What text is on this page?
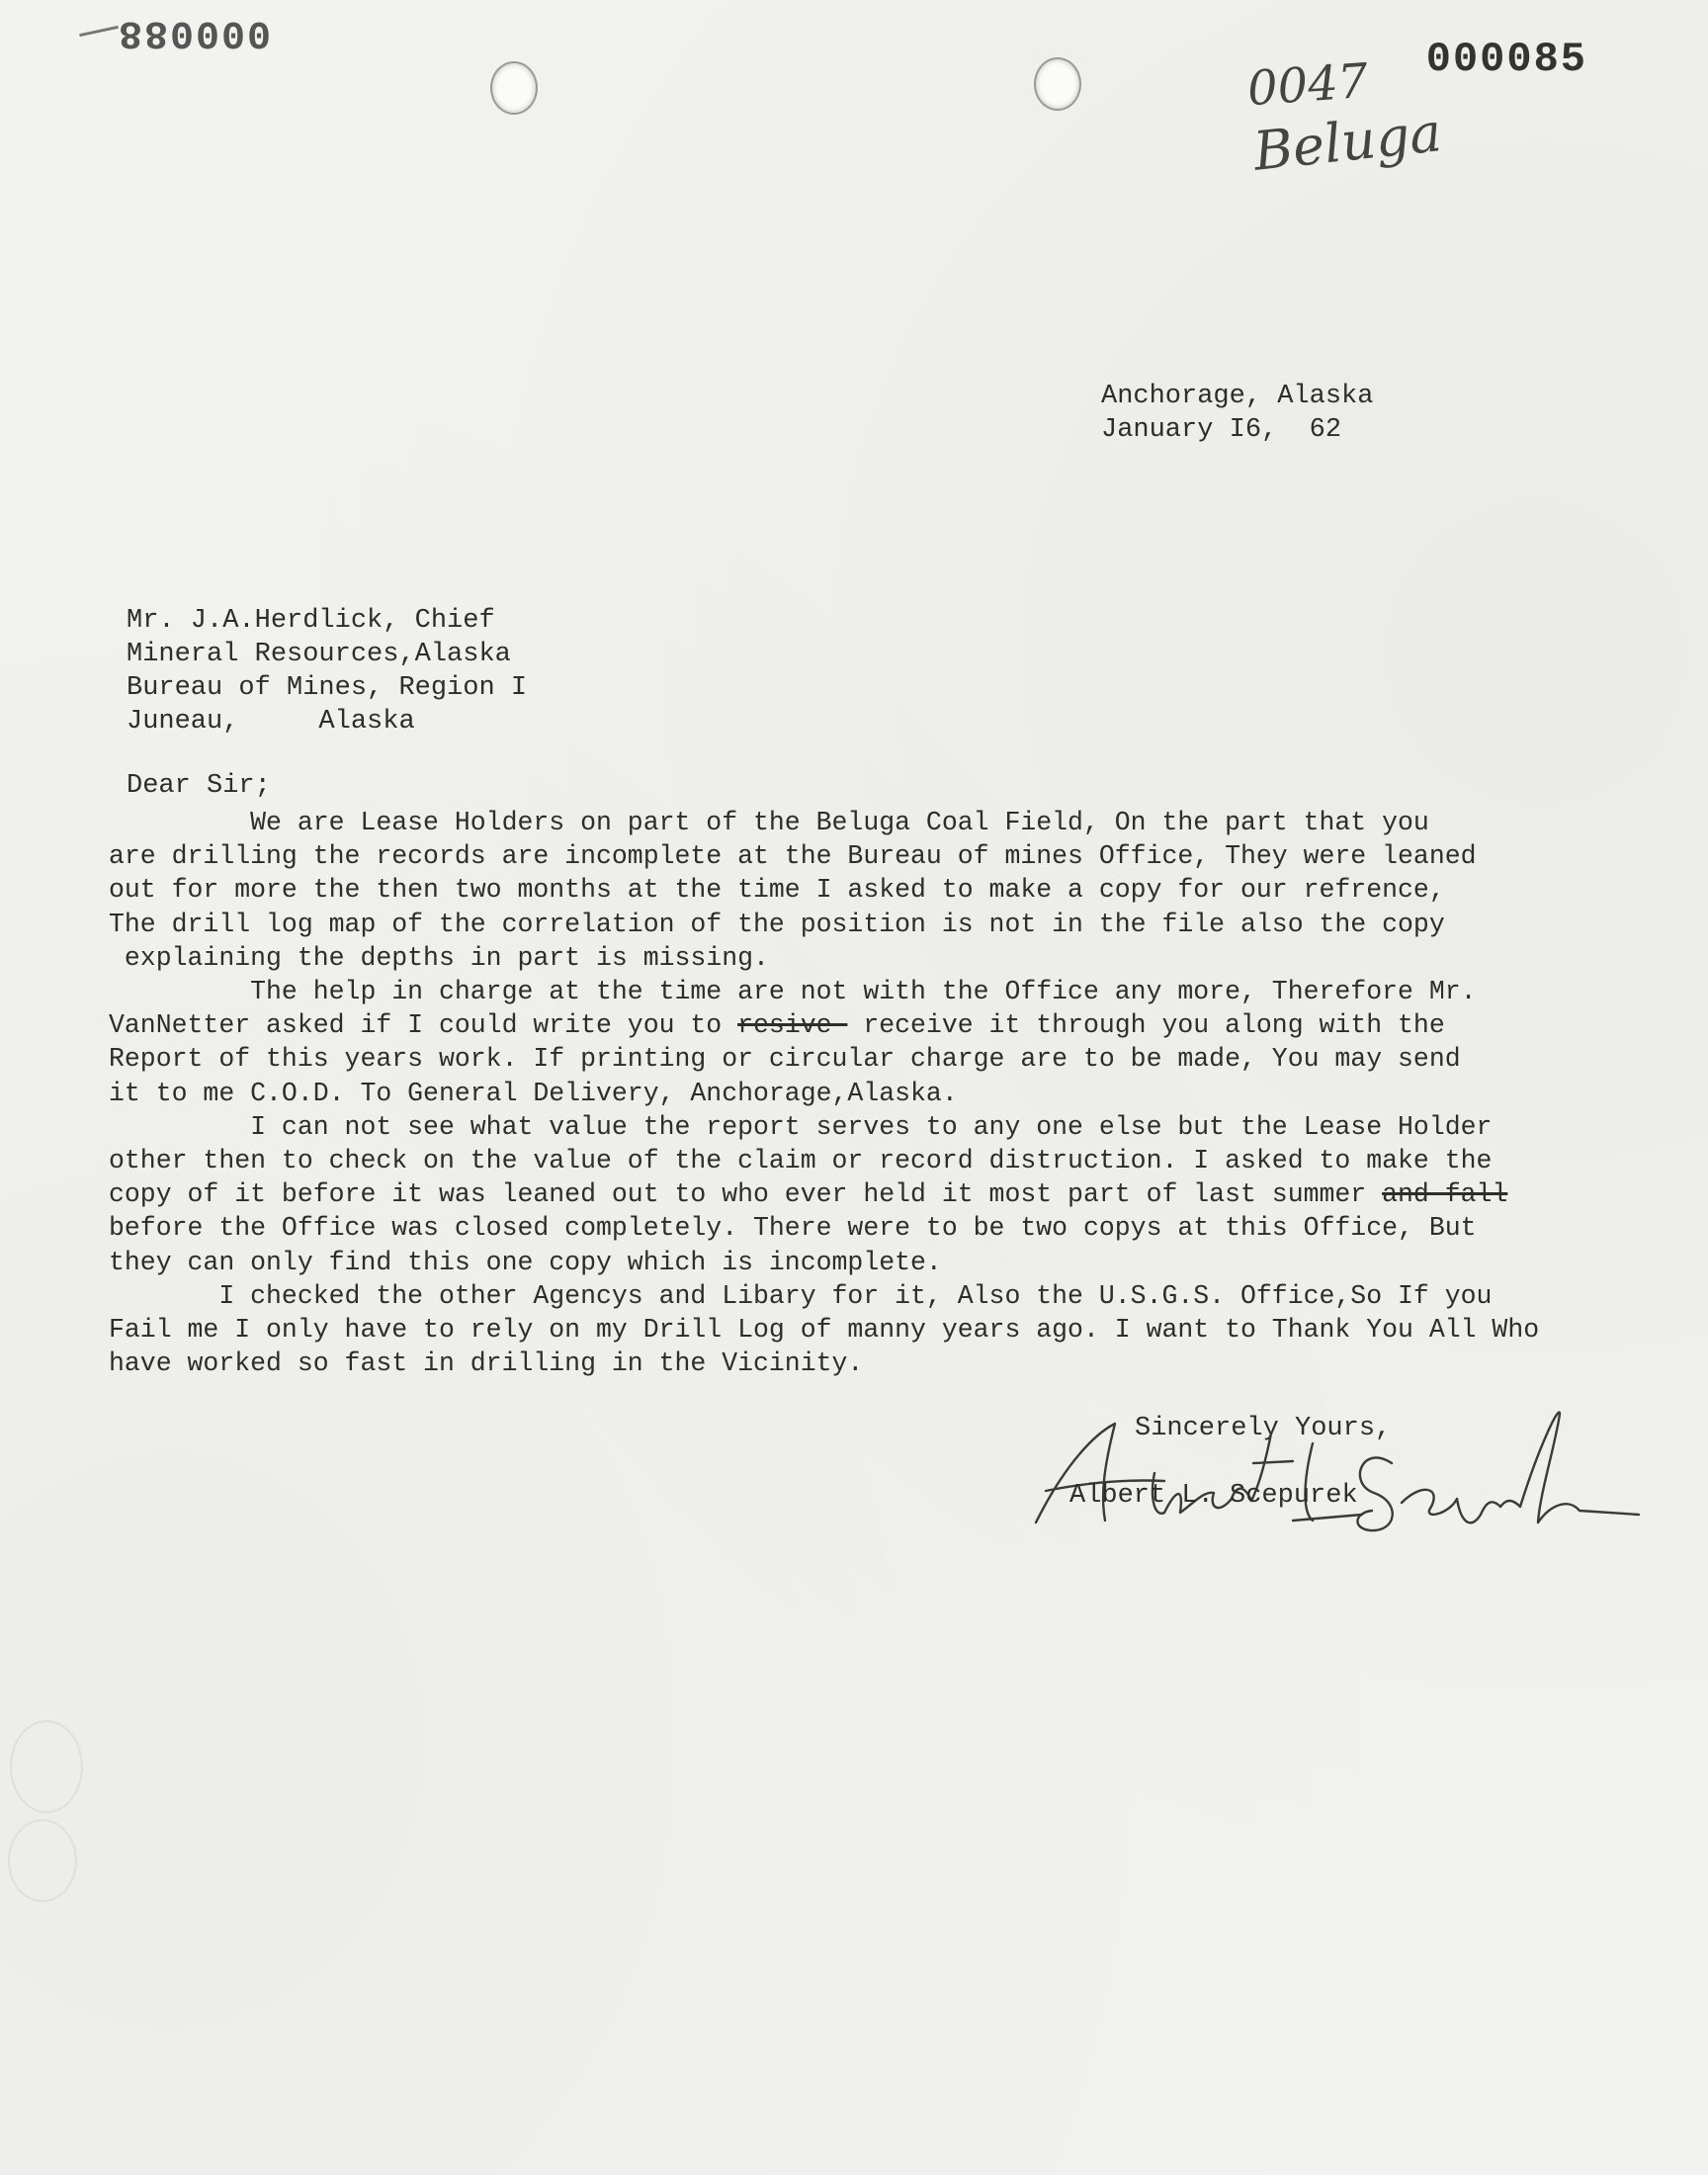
000088
000085
0047
Beluga
Anchorage, Alaska
January I6,  62
Mr. J.A.Herdlick, Chief
Mineral Resources,Alaska
Bureau of Mines, Region I
Juneau,     Alaska
Dear Sir;
We are Lease Holders on part of the Beluga Coal Field, On the part that you
are drilling the records are incomplete at the Bureau of mines Office, They were leaned
out for more the then two months at the time I asked to make a copy for our refrence,
The drill log map of the correlation of the position is not in the file also the copy
explaining the depths in part is missing.
The help in charge at the time are not with the Office any more, Therefore Mr.
VanNetter asked if I could write you to resive- receive it through you along with the
Report of this years work. If printing or circular charge are to be made, You may send
it to me C.O.D. To General Delivery, Anchorage,Alaska.
I can not see what value the report serves to any one else but the Lease Holder
other then to check on the value of the claim or record distruction. I asked to make the
copy of it before it was leaned out to who ever held it most part of last summer and fall
before the Office was closed completely. There were to be two copys at this Office, But
they can only find this one copy which is incomplete.
I checked the other Agencys and Libary for it, Also the U.S.G.S. Office,So If you
Fail me I only have to rely on my Drill Log of manny years ago. I want to Thank You All Who
have worked so fast in drilling in the Vicinity.
Sincerely Yours,
Albert L. Scepurek
